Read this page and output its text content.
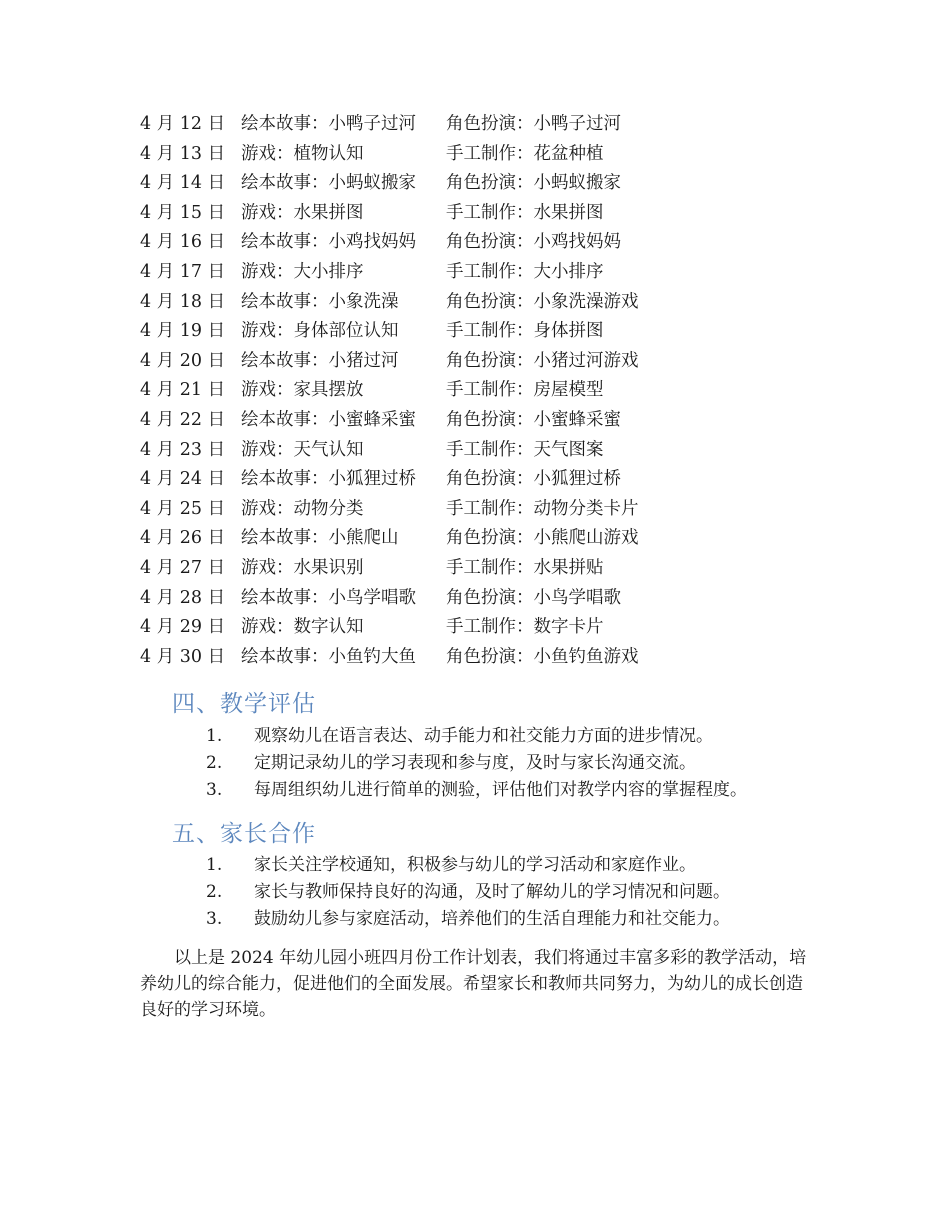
4 月 12 日 绘本故事：小鸭子过河 角色扮演：小鸭子过河
4 月 13 日 游戏：植物认知	手工制作：花盆种植
4 月 14 日 绘本故事：小蚂蚁搬家 角色扮演：小蚂蚁搬家
4 月 15 日 游戏：水果拼图	手工制作：水果拼图
4 月 16 日 绘本故事：小鸡找妈妈 角色扮演：小鸡找妈妈
4 月 17 日 游戏：大小排序	手工制作：大小排序
4 月 18 日 绘本故事：小象洗澡	角色扮演：小象洗澡游戏
4 月 19 日 游戏：身体部位认知	手工制作：身体拼图
4 月 20 日 绘本故事：小猪过河	角色扮演：小猪过河游戏
4 月 21 日 游戏：家具摆放	手工制作：房屋模型
4 月 22 日 绘本故事：小蜜蜂采蜜 角色扮演：小蜜蜂采蜜
4 月 23 日 游戏：天气认知	手工制作：天气图案
4 月 24 日 绘本故事：小狐狸过桥 角色扮演：小狐狸过桥
4 月 25 日 游戏：动物分类	手工制作：动物分类卡片
4 月 26 日 绘本故事：小熊爬山	角色扮演：小熊爬山游戏
4 月 27 日 游戏：水果识别	手工制作：水果拼贴
4 月 28 日 绘本故事：小鸟学唱歌 角色扮演：小鸟学唱歌
4 月 29 日 游戏：数字认知	手工制作：数字卡片
4 月 30 日 绘本故事：小鱼钓大鱼 角色扮演：小鱼钓鱼游戏
四、教学评估
1. 观察幼儿在语言表达、动手能力和社交能力方面的进步情况。
2. 定期记录幼儿的学习表现和参与度，及时与家长沟通交流。
3. 每周组织幼儿进行简单的测验，评估他们对教学内容的掌握程度。
五、家长合作
1. 家长关注学校通知，积极参与幼儿的学习活动和家庭作业。
2. 家长与教师保持良好的沟通，及时了解幼儿的学习情况和问题。
3. 鼓励幼儿参与家庭活动，培养他们的生活自理能力和社交能力。

以上是 2024 年幼儿园小班四月份工作计划表，我们将通过丰富多彩的教学活动，培养幼儿的综合能力，促进他们的全面发展。希望家长和教师共同努力，为幼儿的成长创造良好的学习环境。
